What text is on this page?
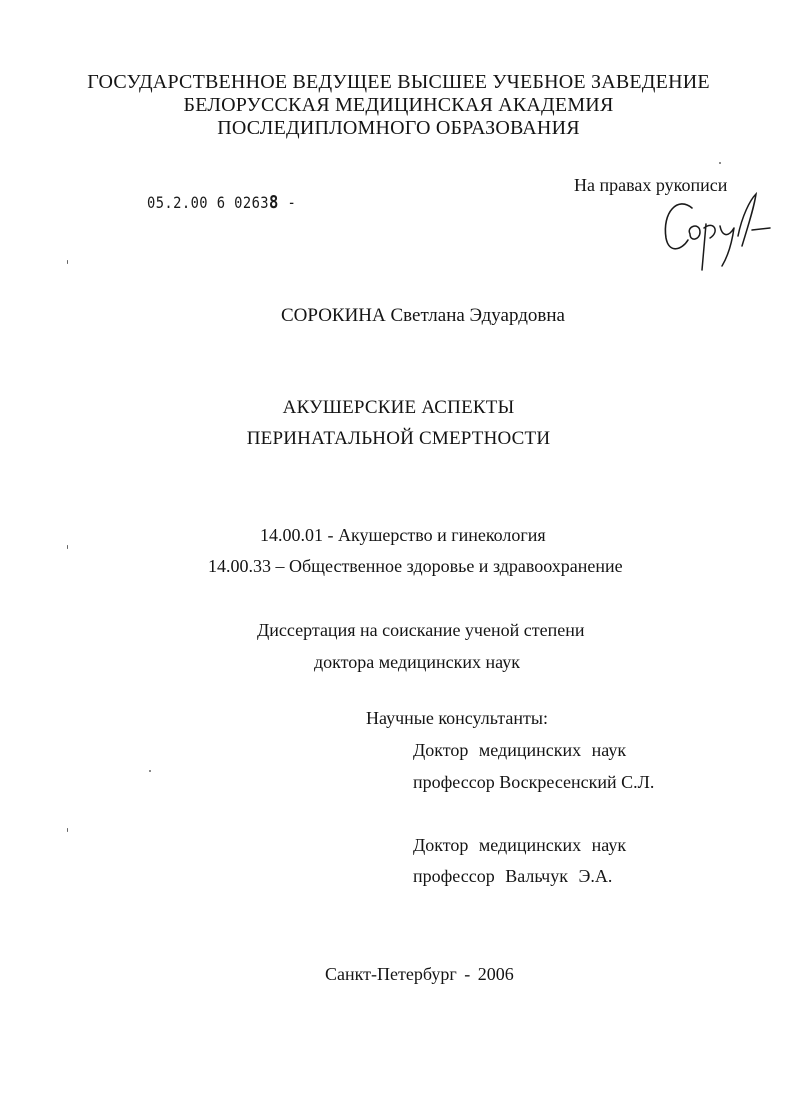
ГОСУДАРСТВЕННОЕ ВЕДУЩЕЕ ВЫСШЕЕ УЧЕБНОЕ ЗАВЕДЕНИЕ
БЕЛОРУССКАЯ МЕДИЦИНСКАЯ АКАДЕМИЯ
ПОСЛЕДИПЛОМНОГО ОБРАЗОВАНИЯ
05.2.00 6 02638 -
На правах рукописи
СОРОКИНА Светлана Эдуардовна
АКУШЕРСКИЕ АСПЕКТЫ
ПЕРИНАТАЛЬНОЙ СМЕРТНОСТИ
14.00.01 - Акушерство и гинекология
14.00.33 – Общественное здоровье и здравоохранение
Диссертация на соискание ученой степени
доктора медицинских наук
Научные консультанты:
Доктор медицинских наук
профессор Воскресенский С.Л.
Доктор медицинских наук
профессор Вальчук Э.А.
Санкт-Петербург - 2006
